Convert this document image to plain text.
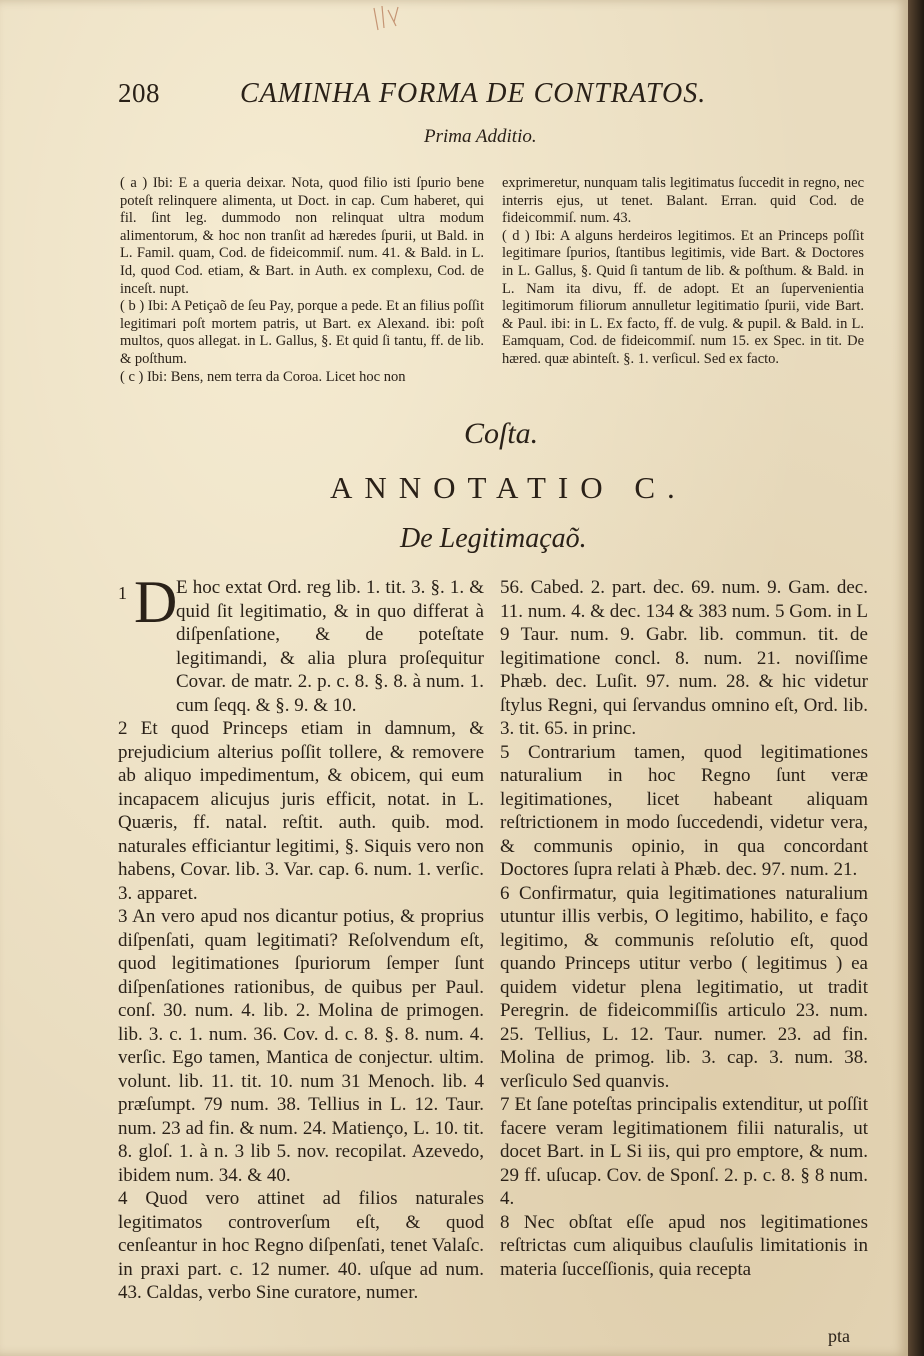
208	CAMINHA FORMA DE CONTRATOS.
Prima Additio.

( a ) Ibi: E a queria deixar. Nota, quod filio isti ſpurio bene poteſt relinquere alimenta, ut Doct. in cap. Cum haberet, qui fil. ſint leg. dummodo non relinquat ultra modum alimentorum, & hoc non tranſit ad hæredes ſpurii, ut Bald. in L. Famil. quam, Cod. de fideicommiſ. num. 41. & Bald. in L. Id, quod Cod. etiam, & Bart. in Auth. ex complexu, Cod. de inceſt. nupt.

( b ) Ibi: A Petiçaõ de ſeu Pay, porque a pede. Et an filius poſſit legitimari poſt mortem patris, ut Bart. ex Alexand. ibi: poſt multos, quos allegat. in L. Gallus, §. Et quid ſi tantu, ff. de lib. & poſthum.

( c ) Ibi: Bens, nem terra da Coroa. Licet hoc non

exprimeretur, nunquam talis legitimatus ſuccedit in regno, nec interris ejus, ut tenet. Balant. Erran. quid Cod. de fideicommiſ. num. 43.

( d ) Ibi: A alguns herdeiros legitimos. Et an Princeps poſſit legitimare ſpurios, ſtantibus legitimis, vide Bart. & Doctores in L. Gallus, §. Quid ſi tantum de lib. & poſthum. & Bald. in L. Nam ita divu, ff. de adopt. Et an ſupervenientia legitimorum filiorum annulletur legitimatio ſpurii, vide Bart. & Paul. ibi: in L. Ex facto, ff. de vulg. & pupil. & Bald. in L. Eamquam, Cod. de fideicommiſ. num 15. ex Spec. in tit. De hæred. quæ abinteſt. §. 1. verſicul. Sed ex facto.

Coſta.
ANNOTATIO C.
De Legitimaçaõ.

1 D
E hoc extat Ord. reg lib. 1. tit. 3. §. 1. & quid ſit legitimatio, & in quo differat à diſpenſatione, & de poteſtate legitimandi, & alia plura proſequitur Covar. de matr. 2. p. c. 8. §. 8. à num. 1. cum ſeqq. & §. 9. & 10.

2 Et quod Princeps etiam in damnum, & prejudicium alterius poſſit tollere, & removere ab aliquo impedimentum, & obicem, qui eum incapacem alicujus juris efficit, notat. in L. Quæris, ff. natal. reſtit. auth. quib. mod. naturales efficiantur legitimi, §. Siquis vero non habens, Covar. lib. 3. Var. cap. 6. num. 1. verſic. 3. apparet.

3 An vero apud nos dicantur potius, & proprius diſpenſati, quam legitimati? Reſolvendum eſt, quod legitimationes ſpuriorum ſemper ſunt diſpenſationes rationibus, de quibus per Paul. conſ. 30. num. 4. lib. 2. Molina de primogen. lib. 3. c. 1. num. 36. Cov. d. c. 8. §. 8. num. 4. verſic. Ego tamen, Mantica de conjectur. ultim. volunt. lib. 11. tit. 10. num 31 Menoch. lib. 4 præſumpt. 79 num. 38. Tellius in L. 12. Taur. num. 23 ad fin. & num. 24. Matienço, L. 10. tit. 8. gloſ. 1. à n. 3 lib 5. nov. recopilat. Azevedo, ibidem num. 34. & 40.

4 Quod vero attinet ad filios naturales legitimatos controverſum eſt, & quod cenſeantur in hoc Regno diſpenſati, tenet Valaſc. in praxi part. c. 12 numer. 40. uſque ad num. 43. Caldas, verbo Sine curatore, numer.

56. Cabed. 2. part. dec. 69. num. 9. Gam. dec. 11. num. 4. & dec. 134 & 383 num. 5 Gom. in L 9 Taur. num. 9. Gabr. lib. commun. tit. de legitimatione concl. 8. num. 21. noviſſime Phæb. dec. Luſit. 97. num. 28. & hic videtur ſtylus Regni, qui ſervandus omnino eſt, Ord. lib. 3. tit. 65. in princ.

5 Contrarium tamen, quod legitimationes naturalium in hoc Regno ſunt veræ legitimationes, licet habeant aliquam reſtrictionem in modo ſuccedendi, videtur vera, & communis opinio, in qua concordant Doctores ſupra relati à Phæb. dec. 97. num. 21.

6 Confirmatur, quia legitimationes naturalium utuntur illis verbis, O legitimo, habilito, e faço legitimo, & communis reſolutio eſt, quod quando Princeps utitur verbo ( legitimus ) ea quidem videtur plena legitimatio, ut tradit Peregrin. de fideicommiſſis articulo 23. num. 25. Tellius, L. 12. Taur. numer. 23. ad fin. Molina de primog. lib. 3. cap. 3. num. 38. verſiculo Sed quanvis.

7 Et ſane poteſtas principalis extenditur, ut poſſit facere veram legitimationem filii naturalis, ut docet Bart. in L Si iis, qui pro emptore, & num. 29 ff. uſucap. Cov. de Sponſ. 2. p. c. 8. § 8 num. 4.

8 Nec obſtat eſſe apud nos legitimationes reſtrictas cum aliquibus clauſulis limitationis in materia ſucceſſionis, quia recepta

pta
